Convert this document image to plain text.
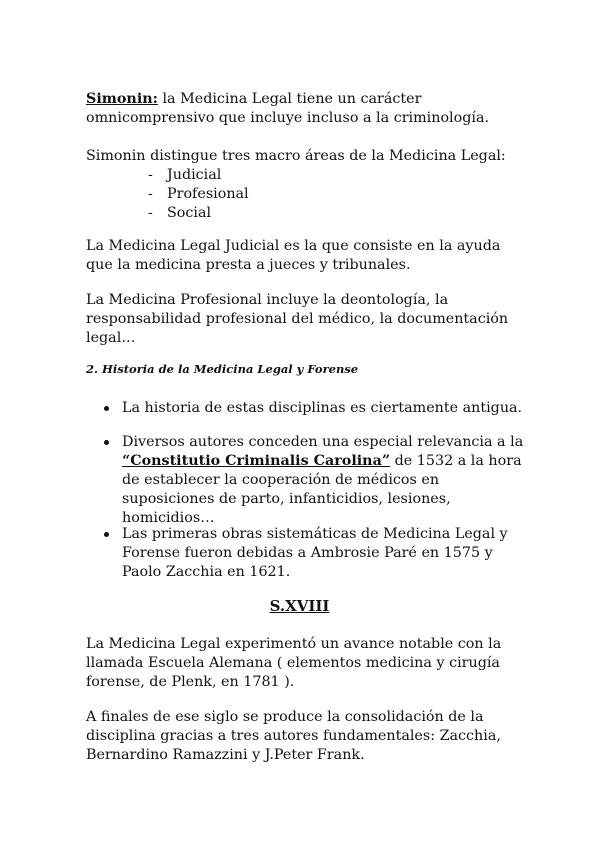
Simonin: la Medicina Legal tiene un carácter omnicomprensivo que incluye incluso a la criminología.
Simonin distingue tres macro áreas de la Medicina Legal:
- Judicial
- Profesional
- Social
La Medicina Legal Judicial es la que consiste en la ayuda que la medicina presta a jueces y tribunales.
La Medicina Profesional incluye la deontología, la responsabilidad profesional del médico, la documentación legal…
2. Historia de la Medicina Legal y Forense
La historia de estas disciplinas es ciertamente antigua.
Diversos autores conceden una especial relevancia a la “Constitutio Criminalis Carolina” de 1532 a la hora de establecer la cooperación de médicos en suposiciones de parto, infanticidios, lesiones, homicidios…
Las primeras obras sistemáticas de Medicina Legal y Forense fueron debidas a Ambrosie Paré en 1575 y Paolo Zacchia en 1621.
S.XVIII
La Medicina Legal experimentó un avance notable con la llamada Escuela Alemana ( elementos medicina y cirugía forense, de Plenk, en 1781 ).
A finales de ese siglo se produce la consolidación de la disciplina gracias a tres autores fundamentales: Zacchia, Bernardino Ramazzini y J.Peter Frank.
